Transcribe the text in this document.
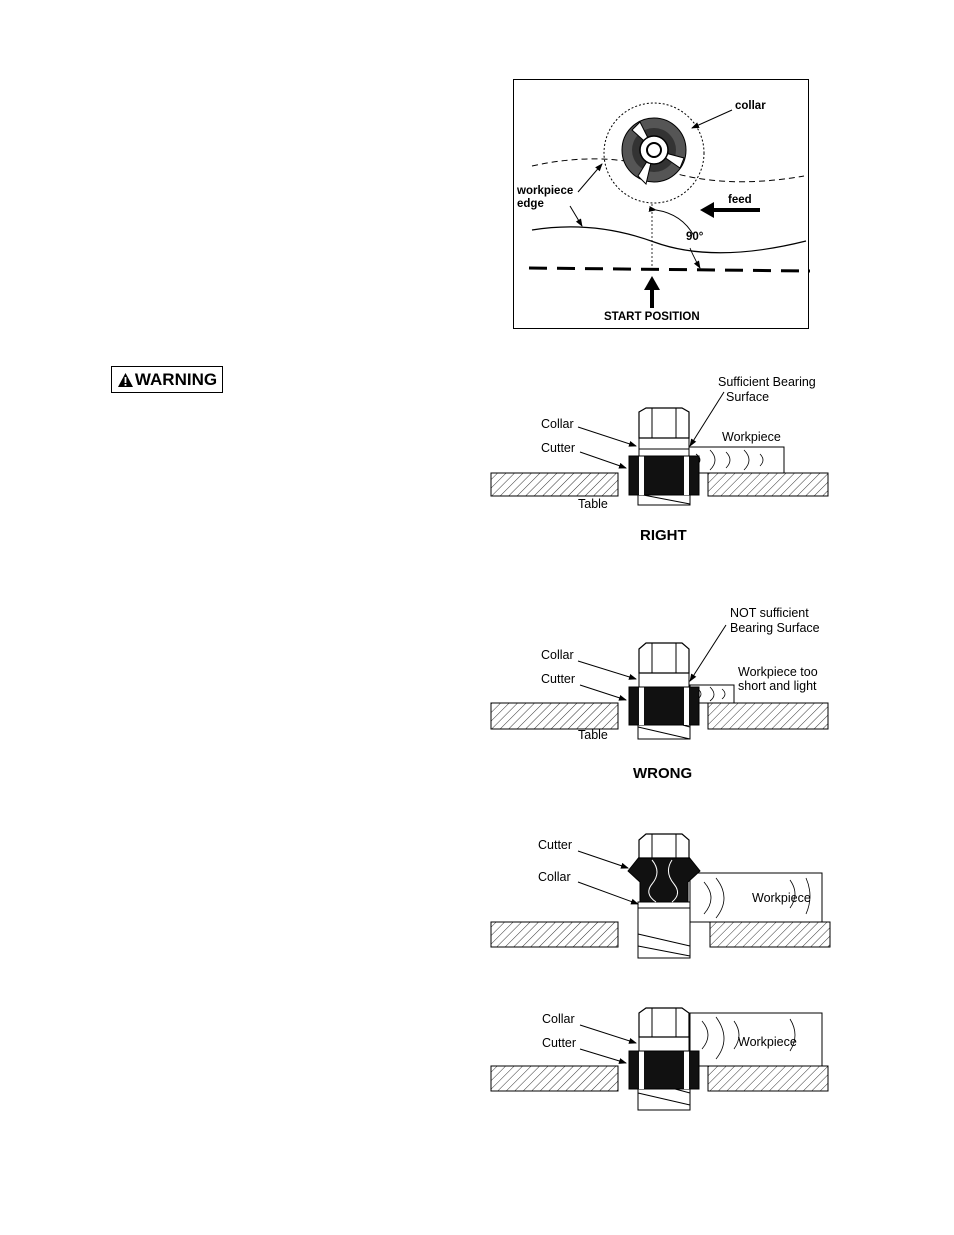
WARNING
collar
workpiece
edge	feed
90°
START POSITION
Sufficient Bearing
Surface
Collar
Cutter
Workpiece
Table
RIGHT
NOT sufficient
Bearing Surface
Collar
Cutter	Workpiece too
short and light
Table
WRONG
Cutter
Collar
Workpiece
Collar
Cutter	Workpiece
